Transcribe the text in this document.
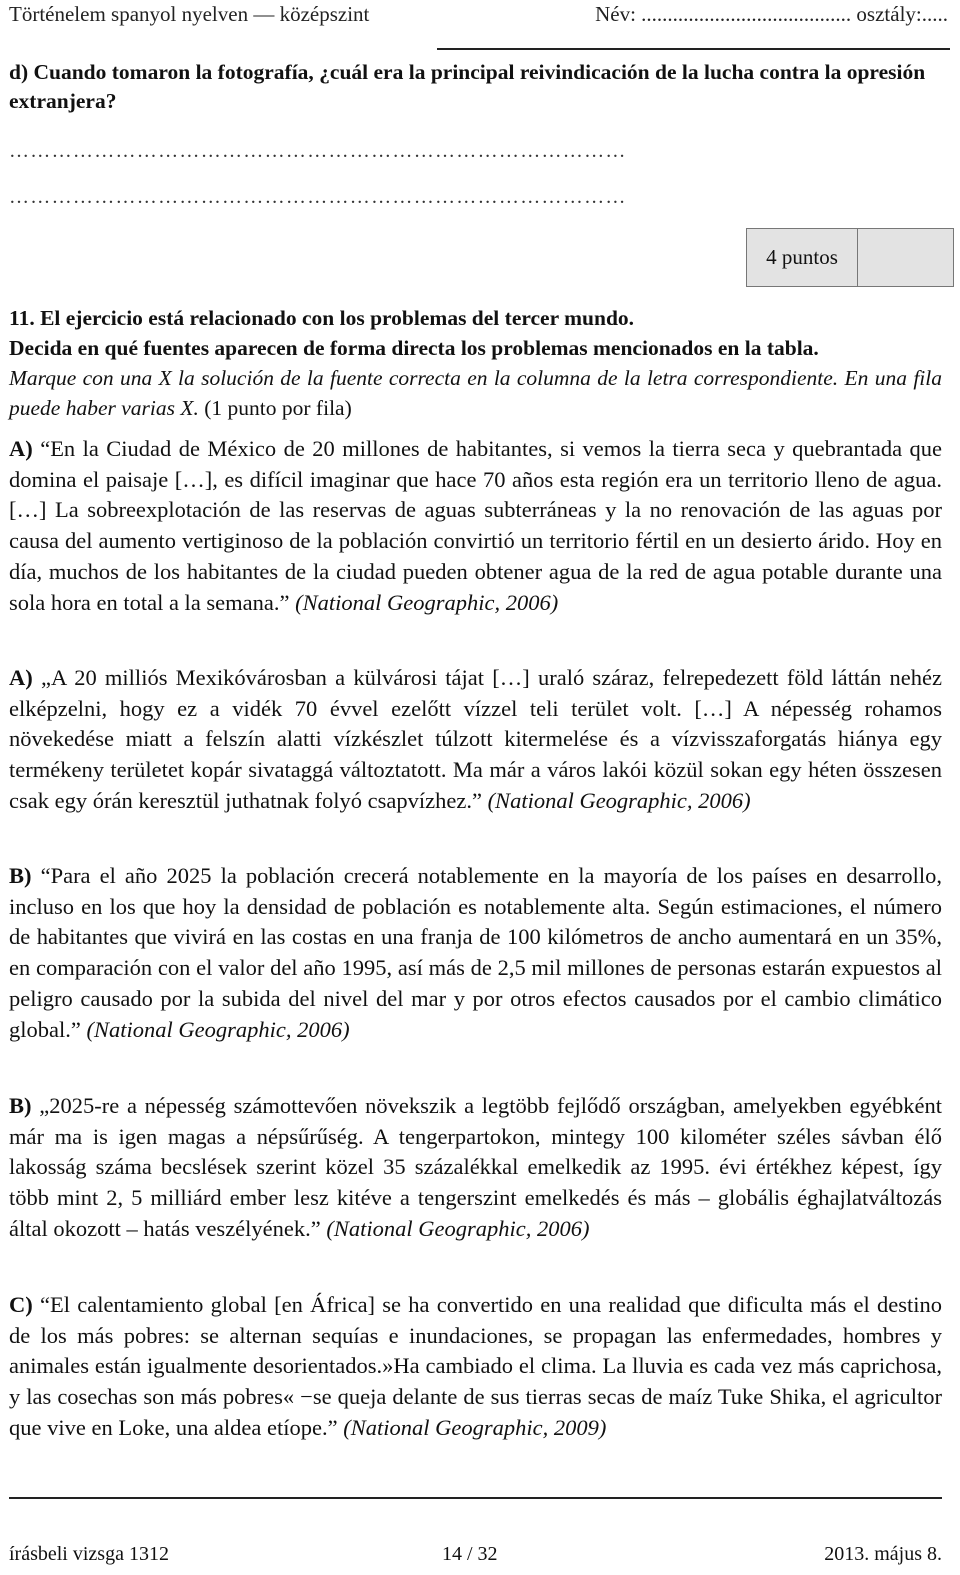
Történelem spanyol nyelven — középszint	Név: ........................................ osztály:.....
d) Cuando tomaron la fotografía, ¿cuál era la principal reivindicación de la lucha contra la opresión extranjera?
……………………………………………………………………………
……………………………………………………………………………
4 puntos
11. El ejercicio está relacionado con los problemas del tercer mundo.
Decida en qué fuentes aparecen de forma directa los problemas mencionados en la tabla.
Marque con una X la solución de la fuente correcta en la columna de la letra correspondiente. En una fila puede haber varias X. (1 punto por fila)
A) “En la Ciudad de México de 20 millones de habitantes, si vemos la tierra seca y quebrantada que domina el paisaje […], es difícil imaginar que hace 70 años esta región era un territorio lleno de agua. […] La sobreexplotación de las reservas de aguas subterráneas y la no renovación de las aguas por causa del aumento vertiginoso de la población convirtió un territorio fértil en un desierto árido. Hoy en día, muchos de los habitantes de la ciudad pueden obtener agua de la red de agua potable durante una sola hora en total a la semana.” (National Geographic, 2006)
A) „A 20 milliós Mexikóvárosban a külvárosi tájat […] uraló száraz, felrepedezett föld láttán nehéz elképzelni, hogy ez a vidék 70 évvel ezelőtt vízzel teli terület volt. […] A népesség rohamos növekedése miatt a felszín alatti vízkészlet túlzott kitermelése és a vízvisszaforgatás hiánya egy termékeny területet kopár sivataggá változtatott. Ma már a város lakói közül sokan egy héten összesen csak egy órán keresztül juthatnak folyó csapvízhez.” (National Geographic, 2006)
B) “Para el año 2025 la población crecerá notablemente en la mayoría de los países en desarrollo, incluso en los que hoy la densidad de población es notablemente alta. Según estimaciones, el número de habitantes que vivirá en las costas en una franja de 100 kilómetros de ancho aumentará en un 35%, en comparación con el valor del año 1995, así más de 2,5 mil millones de personas estarán expuestos al peligro causado por la subida del nivel del mar y por otros efectos causados por el cambio climático global.” (National Geographic, 2006)
B) „2025-re a népesség számottevően növekszik a legtöbb fejlődő országban, amelyekben egyébként már ma is igen magas a népsűrűség. A tengerpartokon, mintegy 100 kilométer széles sávban élő lakosság száma becslések szerint közel 35 százalékkal emelkedik az 1995. évi értékhez képest, így több mint 2, 5 milliárd ember lesz kitéve a tengerszint emelkedés és más – globális éghajlatváltozás által okozott – hatás veszélyének.” (National Geographic, 2006)
C) “El calentamiento global [en África] se ha convertido en una realidad que dificulta más el destino de los más pobres: se alternan sequías e inundaciones, se propagan las enfermedades, hombres y animales están igualmente desorientados.»Ha cambiado el clima. La lluvia es cada vez más caprichosa, y las cosechas son más pobres« −se queja delante de sus tierras secas de maíz Tuke Shika, el agricultor que vive en Loke, una aldea etíope.” (National Geographic, 2009)
írásbeli vizsga 1312	14 / 32	2013. május 8.
